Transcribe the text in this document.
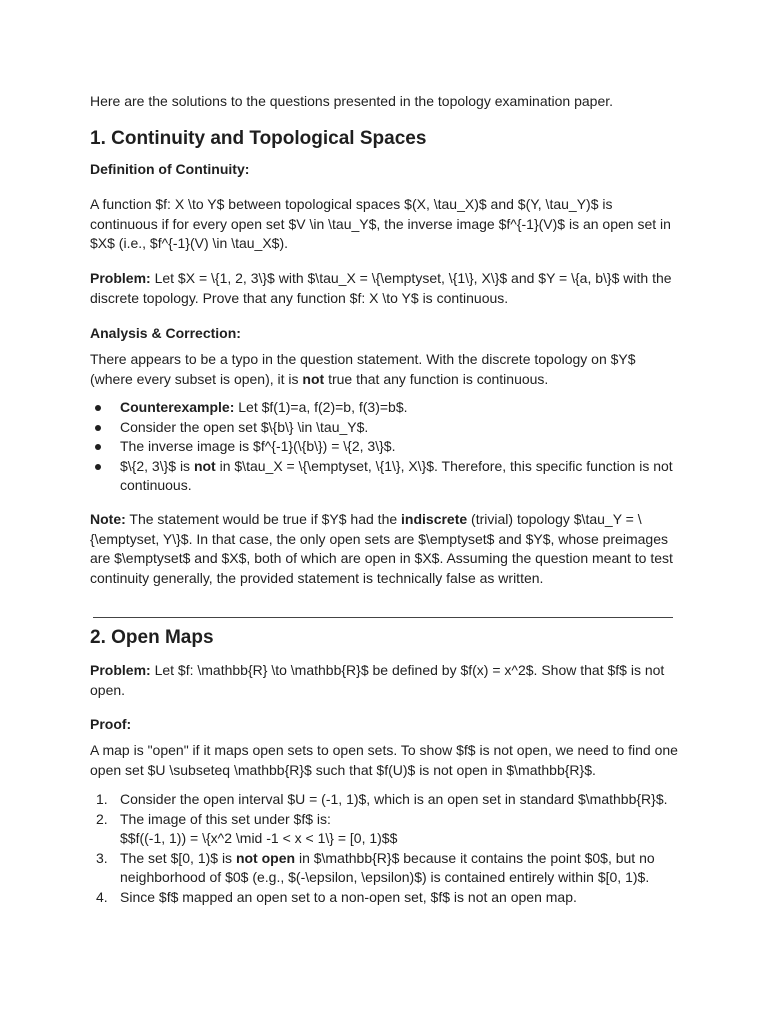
Here are the solutions to the questions presented in the topology examination paper.

1. Continuity and Topological Spaces

Definition of Continuity:

A function $f: X \to Y$ between topological spaces $(X, \tau_X)$ and $(Y, \tau_Y)$ is continuous if for every open set $V \in \tau_Y$, the inverse image $f^{-1}(V)$ is an open set in $X$ (i.e., $f^{-1}(V) \in \tau_X$).

Problem: Let $X = \{1, 2, 3\}$ with $\tau_X = \{\emptyset, \{1\}, X\}$ and $Y = \{a, b\}$ with the discrete topology. Prove that any function $f: X \to Y$ is continuous.

Analysis & Correction:

There appears to be a typo in the question statement. With the discrete topology on $Y$ (where every subset is open), it is not true that any function is continuous.

Counterexample: Let $f(1)=a, f(2)=b, f(3)=b$.
Consider the open set $\{b\} \in \tau_Y$.
The inverse image is $f^{-1}(\{b\}) = \{2, 3\}$.
$\{2, 3\}$ is not in $\tau_X = \{\emptyset, \{1\}, X\}$. Therefore, this specific function is not continuous.

Note: The statement would be true if $Y$ had the indiscrete (trivial) topology $\tau_Y = \{\emptyset, Y\}$. In that case, the only open sets are $\emptyset$ and $Y$, whose preimages are $\emptyset$ and $X$, both of which are open in $X$. Assuming the question meant to test continuity generally, the provided statement is technically false as written.

2. Open Maps

Problem: Let $f: \mathbb{R} \to \mathbb{R}$ be defined by $f(x) = x^2$. Show that $f$ is not open.

Proof:

A map is "open" if it maps open sets to open sets. To show $f$ is not open, we need to find one open set $U \subseteq \mathbb{R}$ such that $f(U)$ is not open in $\mathbb{R}$.

1. Consider the open interval $U = (-1, 1)$, which is an open set in standard $\mathbb{R}$.
2. The image of this set under $f$ is:
$$f((-1, 1)) = \{x^2 \mid -1 < x < 1\} = [0, 1)$$
3. The set $[0, 1)$ is not open in $\mathbb{R}$ because it contains the point $0$, but no neighborhood of $0$ (e.g., $(-\epsilon, \epsilon)$) is contained entirely within $[0, 1)$.
4. Since $f$ mapped an open set to a non-open set, $f$ is not an open map.
